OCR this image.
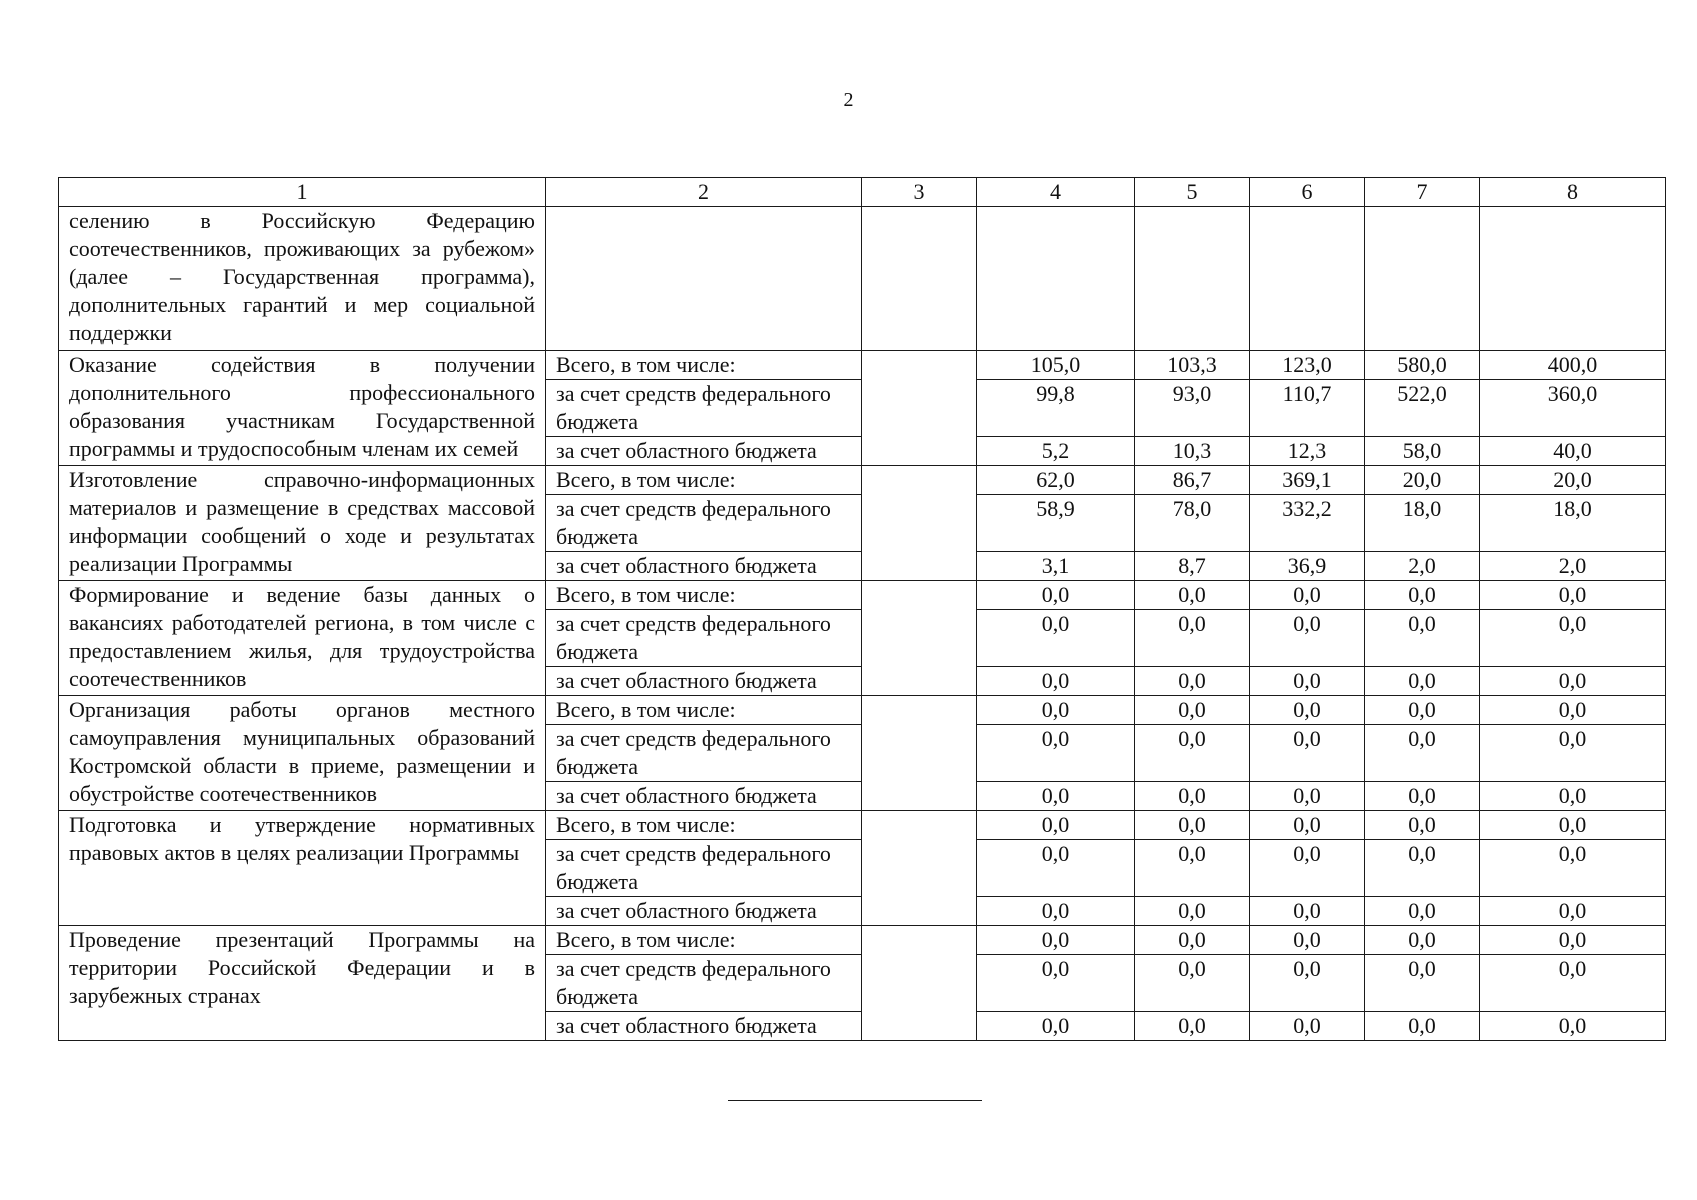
2
1	2	3	4	5	6	7	8
селению в Российскую Федерацию соотечественников, проживающих за рубежом» (далее – Государственная программа), дополнительных гарантий и мер социальной поддержки							
Оказание содействия в получении дополнительного профессионального образования участникам Государственной программы и трудоспособным членам их семей	Всего, в том числе:		105,0	103,3	123,0	580,0	400,0
	за счет средств федерального бюджета		99,8	93,0	110,7	522,0	360,0
	за счет областного бюджета		5,2	10,3	12,3	58,0	40,0
Изготовление справочно-информационных материалов и размещение в средствах массовой информации сообщений о ходе и результатах реализации Программы	Всего, в том числе:		62,0	86,7	369,1	20,0	20,0
	за счет средств федерального бюджета		58,9	78,0	332,2	18,0	18,0
	за счет областного бюджета		3,1	8,7	36,9	2,0	2,0
Формирование и ведение базы данных о вакансиях работодателей региона, в том числе с предоставлением жилья, для трудоустройства соотечественников	Всего, в том числе:		0,0	0,0	0,0	0,0	0,0
	за счет средств федерального бюджета		0,0	0,0	0,0	0,0	0,0
	за счет областного бюджета		0,0	0,0	0,0	0,0	0,0
Организация работы органов местного самоуправления муниципальных образований Костромской области в приеме, размещении и обустройстве соотечественников	Всего, в том числе:		0,0	0,0	0,0	0,0	0,0
	за счет средств федерального бюджета		0,0	0,0	0,0	0,0	0,0
	за счет областного бюджета		0,0	0,0	0,0	0,0	0,0
Подготовка и утверждение нормативных правовых актов в целях реализации Программы	Всего, в том числе:		0,0	0,0	0,0	0,0	0,0
	за счет средств федерального бюджета		0,0	0,0	0,0	0,0	0,0
	за счет областного бюджета		0,0	0,0	0,0	0,0	0,0
Проведение презентаций Программы на территории Российской Федерации и в зарубежных странах	Всего, в том числе:		0,0	0,0	0,0	0,0	0,0
	за счет средств федерального бюджета		0,0	0,0	0,0	0,0	0,0
	за счет областного бюджета		0,0	0,0	0,0	0,0	0,0
